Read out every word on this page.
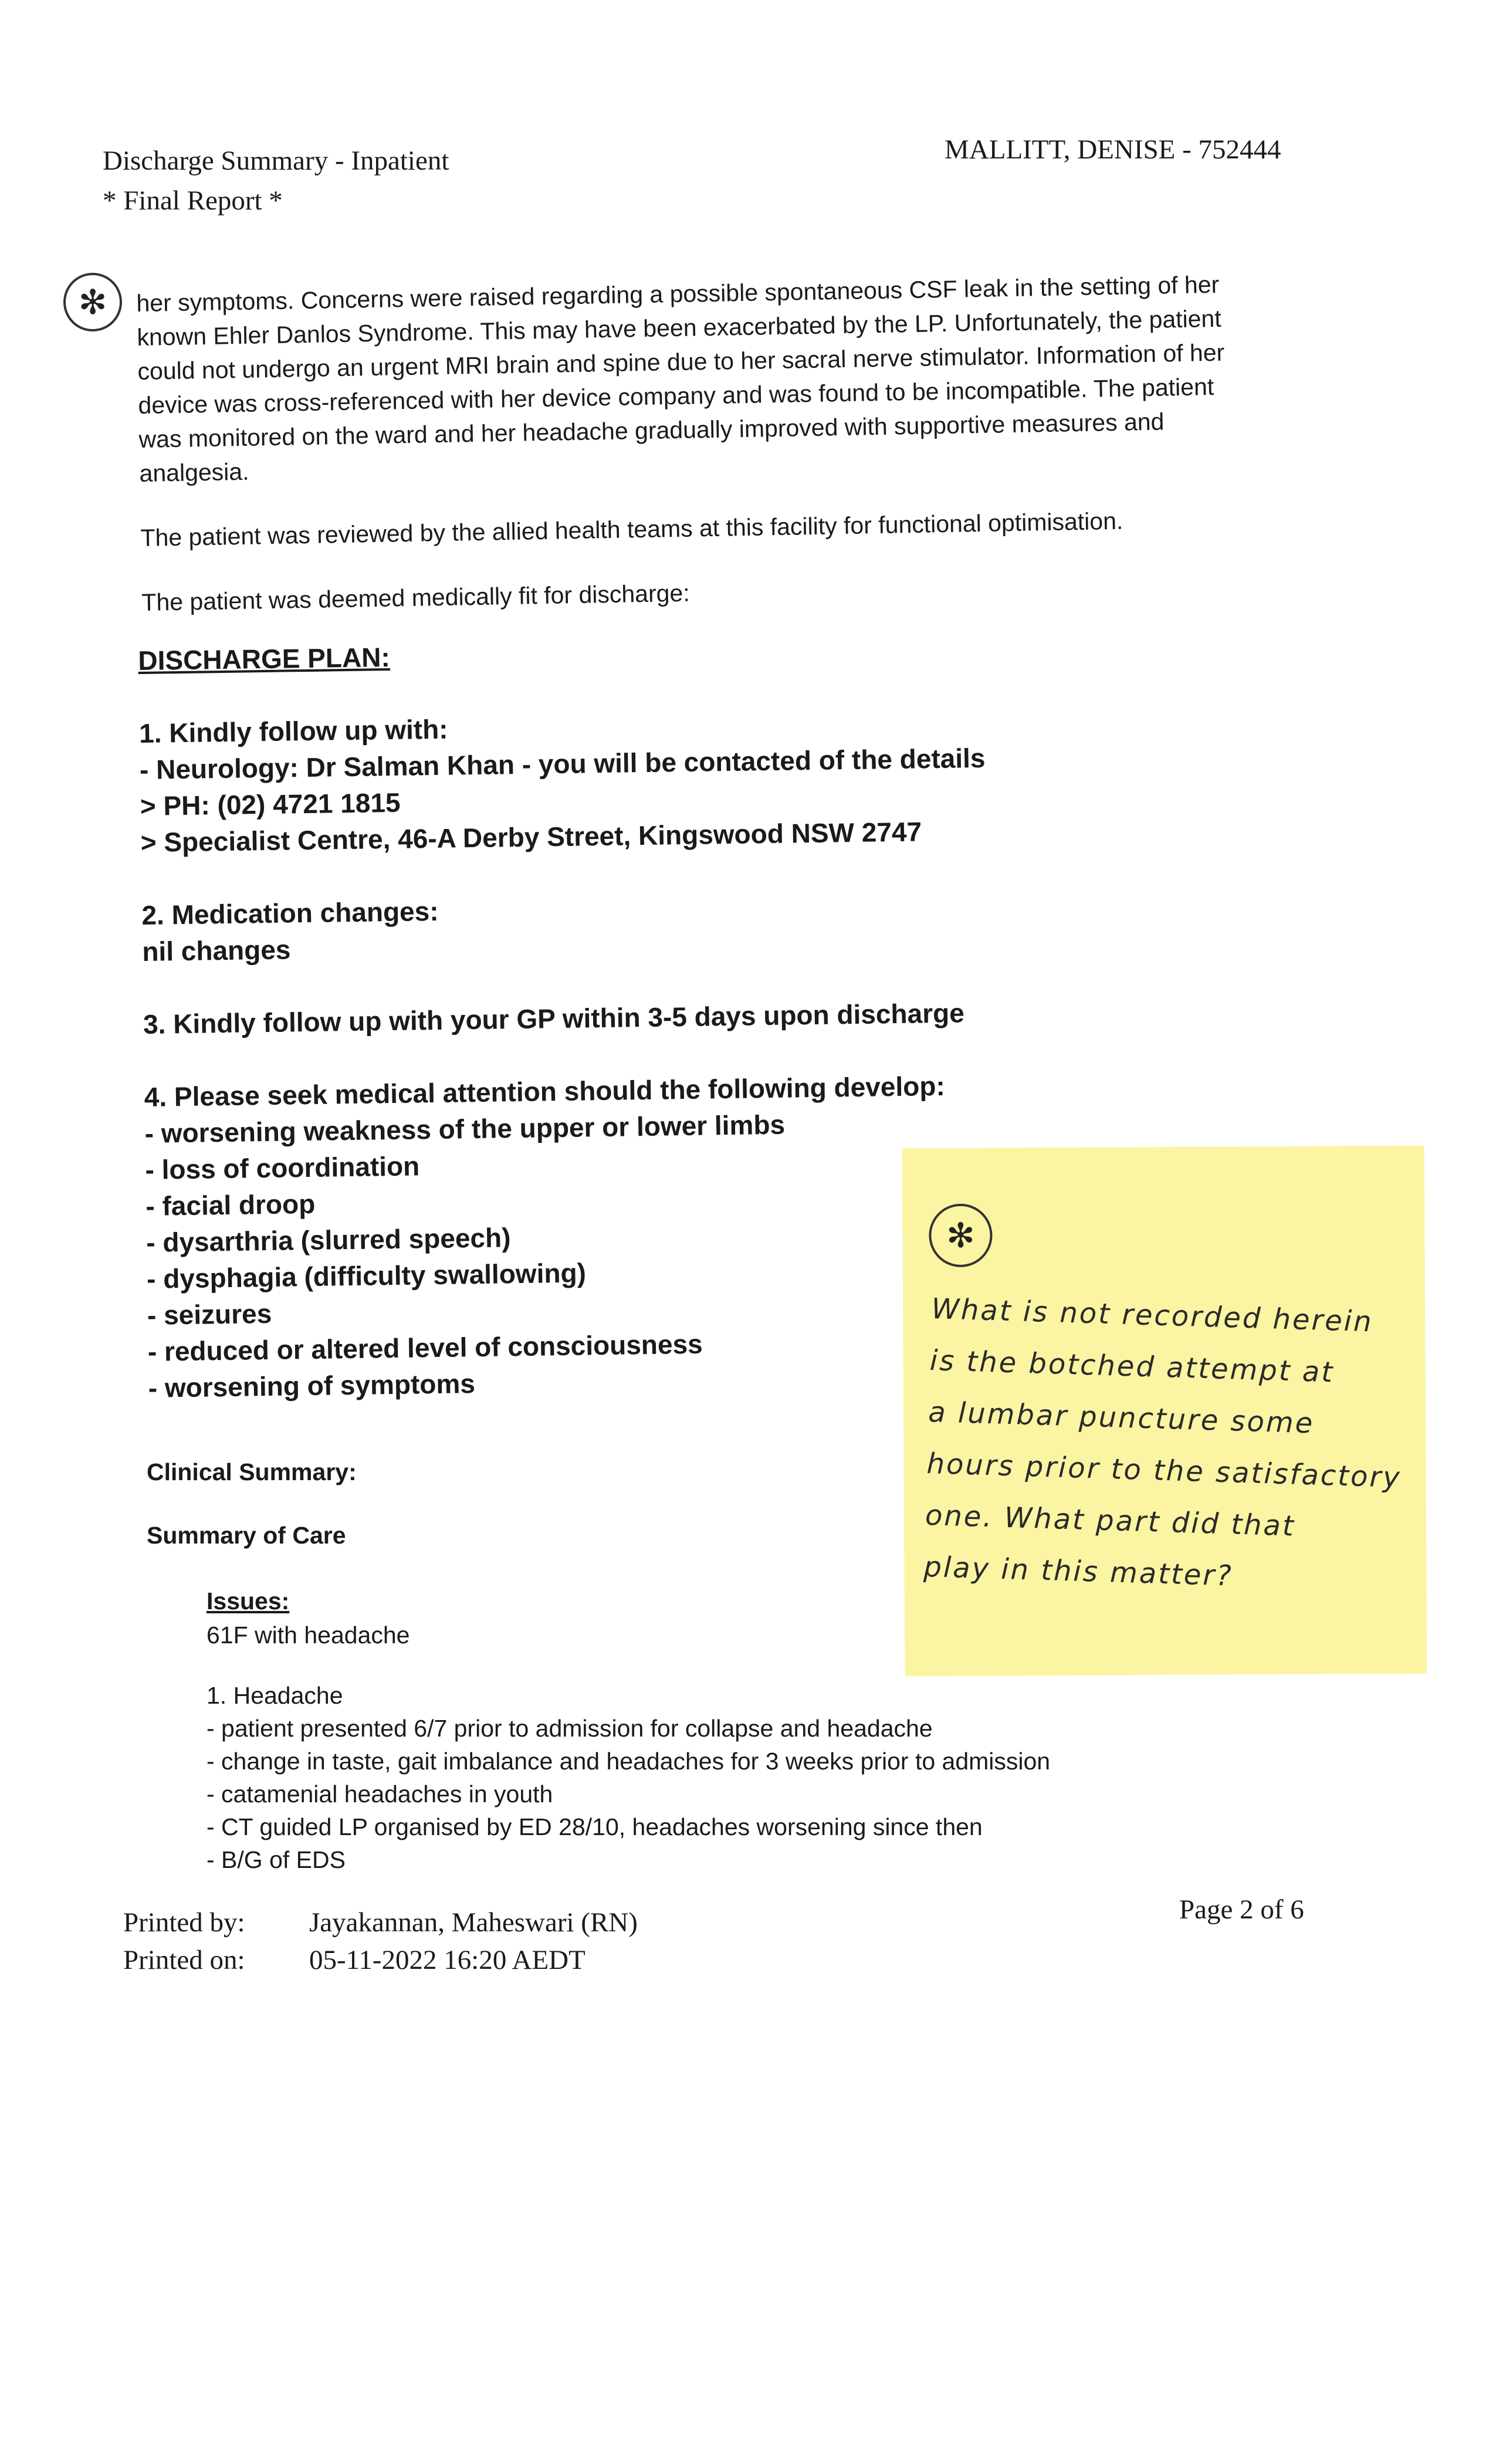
Discharge Summary - Inpatient
* Final Report *
MALLITT, DENISE - 752444
✻	her symptoms. Concerns were raised regarding a possible spontaneous CSF leak in the setting of her

known Ehler Danlos Syndrome. This may have been exacerbated by the LP. Unfortunately, the patient

could not undergo an urgent MRI brain and spine due to her sacral nerve stimulator. Information of her

device was cross-referenced with her device company and was found to be incompatible. The patient

was monitored on the ward and her headache gradually improved with supportive measures and

analgesia.

The patient was reviewed by the allied health teams at this facility for functional optimisation.

The patient was deemed medically fit for discharge:

DISCHARGE PLAN:
1. Kindly follow up with:
- Neurology: Dr Salman Khan - you will be contacted of the details
> PH: (02) 4721 1815
> Specialist Centre, 46-A Derby Street, Kingswood NSW 2747
2. Medication changes:
nil changes
3. Kindly follow up with your GP within 3-5 days upon discharge
4. Please seek medical attention should the following develop:
- worsening weakness of the upper or lower limbs
- loss of coordination
- facial droop
- dysarthria (slurred speech)
- dysphagia (difficulty swallowing)
- seizures
- reduced or altered level of consciousness
- worsening of symptoms
Clinical Summary:
Summary of Care
Issues:
61F with headache
1. Headache
- patient presented 6/7 prior to admission for collapse and headache
- change in taste, gait imbalance and headaches for 3 weeks prior to admission
- catamenial headaches in youth
- CT guided LP organised by ED 28/10, headaches worsening since then
- B/G of EDS
✻
What is not recorded herein
is the botched attempt at
a lumbar puncture some
hours prior to the satisfactory
one. What part did that
play in this matter?
Printed by:	Jayakannan, Maheswari (RN)
Printed on:	05-11-2022 16:20 AEDT
Page 2 of 6
